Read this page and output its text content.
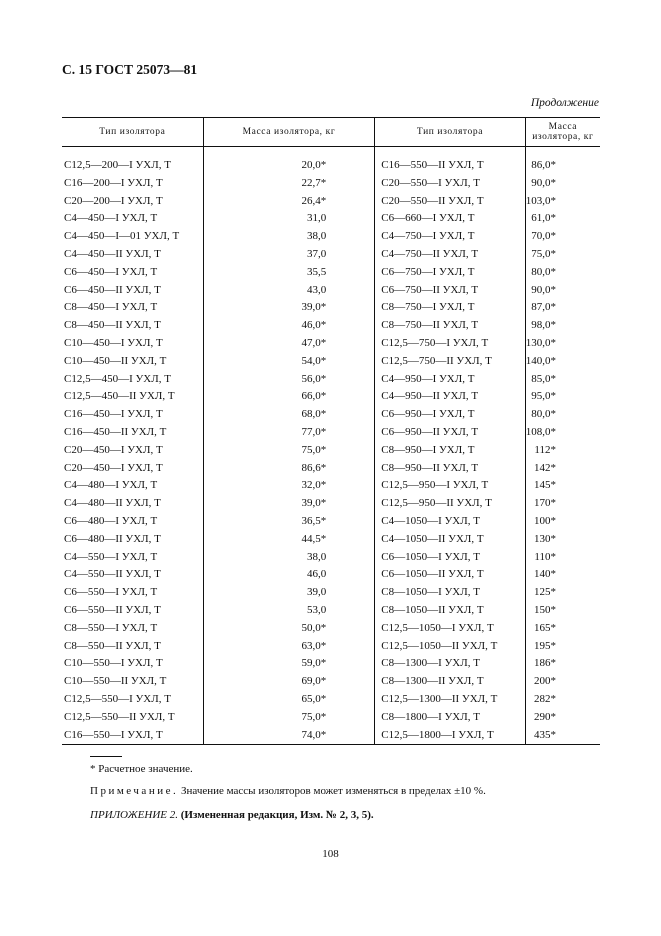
С. 15 ГОСТ 25073—81
Продолжение
Тип изолятора	Масса изолятора, кг	Тип изолятора	Масса изолятора, кг

С12,5—200—I УХЛ, Т	20,0*	С16—550—II УХЛ, Т	86,0*
С16—200—I УХЛ, Т	22,7*	С20—550—I УХЛ, Т	90,0*
С20—200—I УХЛ, Т	26,4*	С20—550—II УХЛ, Т	103,0*
С4—450—I УХЛ, Т	31,0	С6—660—I УХЛ, Т	61,0*
С4—450—I—01 УХЛ, Т	38,0	С4—750—I УХЛ, Т	70,0*
С4—450—II УХЛ, Т	37,0	С4—750—II УХЛ, Т	75,0*
С6—450—I УХЛ, Т	35,5	С6—750—I УХЛ, Т	80,0*
С6—450—II УХЛ, Т	43,0	С6—750—II УХЛ, Т	90,0*
С8—450—I УХЛ, Т	39,0*	С8—750—I УХЛ, Т	87,0*
С8—450—II УХЛ, Т	46,0*	С8—750—II УХЛ, Т	98,0*
С10—450—I УХЛ, Т	47,0*	С12,5—750—I УХЛ, Т	130,0*
С10—450—II УХЛ, Т	54,0*	С12,5—750—II УХЛ, Т	140,0*
С12,5—450—I УХЛ, Т	56,0*	С4—950—I УХЛ, Т	85,0*
С12,5—450—II УХЛ, Т	66,0*	С4—950—II УХЛ, Т	95,0*
С16—450—I УХЛ, Т	68,0*	С6—950—I УХЛ, Т	80,0*
С16—450—II УХЛ, Т	77,0*	С6—950—II УХЛ, Т	108,0*
С20—450—I УХЛ, Т	75,0*	С8—950—I УХЛ, Т	112*
С20—450—I УХЛ, Т	86,6*	С8—950—II УХЛ, Т	142*
С4—480—I УХЛ, Т	32,0*	С12,5—950—I УХЛ, Т	145*
С4—480—II УХЛ, Т	39,0*	С12,5—950—II УХЛ, Т	170*
С6—480—I УХЛ, Т	36,5*	С4—1050—I УХЛ, Т	100*
С6—480—II УХЛ, Т	44,5*	С4—1050—II УХЛ, Т	130*
С4—550—I УХЛ, Т	38,0	С6—1050—I УХЛ, Т	110*
С4—550—II УХЛ, Т	46,0	С6—1050—II УХЛ, Т	140*
С6—550—I УХЛ, Т	39,0	С8—1050—I УХЛ, Т	125*
С6—550—II УХЛ, Т	53,0	С8—1050—II УХЛ, Т	150*
С8—550—I УХЛ, Т	50,0*	С12,5—1050—I УХЛ, Т	165*
С8—550—II УХЛ, Т	63,0*	С12,5—1050—II УХЛ, Т	195*
С10—550—I УХЛ, Т	59,0*	С8—1300—I УХЛ, Т	186*
С10—550—II УХЛ, Т	69,0*	С8—1300—II УХЛ, Т	200*
С12,5—550—I УХЛ, Т	65,0*	С12,5—1300—II УХЛ, Т	282*
С12,5—550—II УХЛ, Т	75,0*	С8—1800—I УХЛ, Т	290*
С16—550—I УХЛ, Т	74,0*	С12,5—1800—I УХЛ, Т	435*
* Расчетное значение.
Примечание. Значение массы изоляторов может изменяться в пределах ±10 %.
ПРИЛОЖЕНИЕ 2. (Измененная редакция, Изм. № 2, 3, 5).
108
